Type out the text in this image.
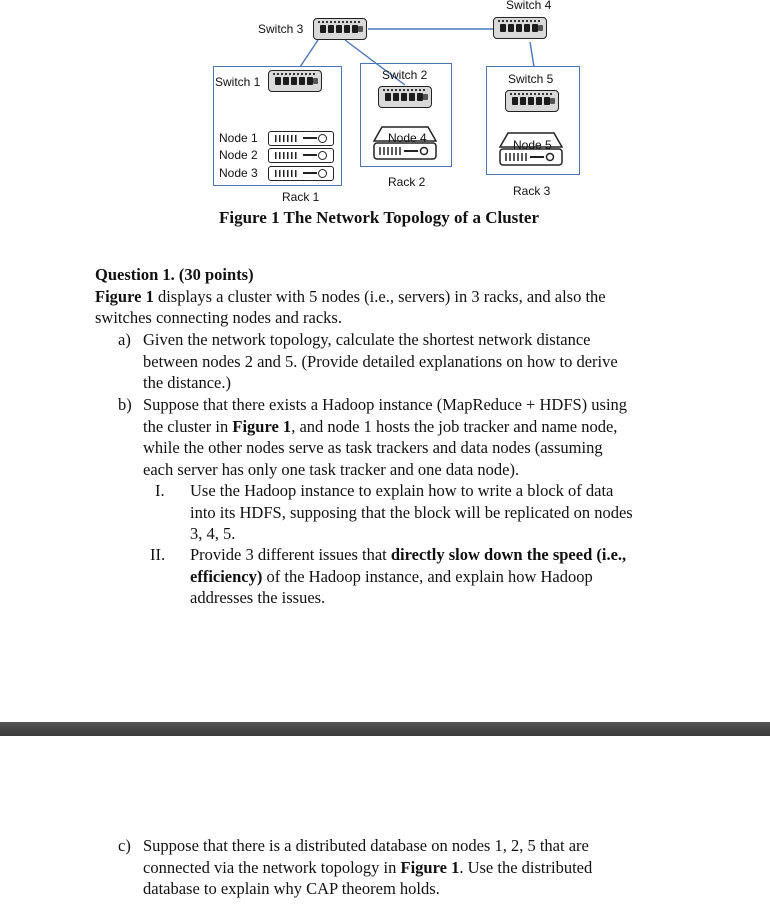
Switch 4
Switch 3
Switch 1
Node 1
Node 2
Node 3
Rack 1
Switch 2
Node 4
Rack 2
Switch 5
Node 5
Rack 3
Figure 1 The Network Topology of a Cluster
Question 1. (30 points)
Figure 1 displays a cluster with 5 nodes (i.e., servers) in 3 racks, and also the
switches connecting nodes and racks.
a) Given the network topology, calculate the shortest network distance
between nodes 2 and 5. (Provide detailed explanations on how to derive
the distance.)
b) Suppose that there exists a Hadoop instance (MapReduce + HDFS) using
the cluster in Figure 1, and node 1 hosts the job tracker and name node,
while the other nodes serve as task trackers and data nodes (assuming
each server has only one task tracker and one data node).
I. Use the Hadoop instance to explain how to write a block of data
into its HDFS, supposing that the block will be replicated on nodes
3, 4, 5.
II. Provide 3 different issues that directly slow down the speed (i.e.,
efficiency) of the Hadoop instance, and explain how Hadoop
addresses the issues.
c) Suppose that there is a distributed database on nodes 1, 2, 5 that are
connected via the network topology in Figure 1. Use the distributed
database to explain why CAP theorem holds.
